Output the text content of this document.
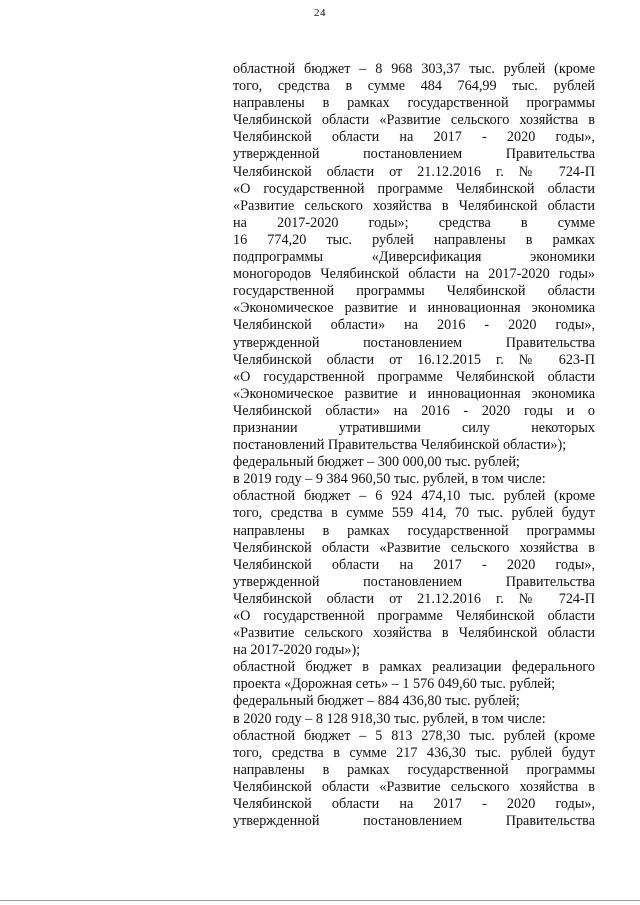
24
областной бюджет – 8 968 303,37 тыс. рублей (кроме
того, средства в сумме 484 764,99 тыс. рублей
направлены в рамках государственной программы
Челябинской области «Развитие сельского хозяйства в
Челябинской области на 2017 - 2020 годы»,
утвержденной постановлением Правительства
Челябинской области от 21.12.2016 г. № 724-П
«О государственной программе Челябинской области
«Развитие сельского хозяйства в Челябинской области
на 2017-2020 годы»; средства в сумме
16 774,20 тыс. рублей направлены в рамках
подпрограммы «Диверсификация экономики
моногородов Челябинской области на 2017-2020 годы»
государственной программы Челябинской области
«Экономическое развитие и инновационная экономика
Челябинской области» на 2016 - 2020 годы»,
утвержденной постановлением Правительства
Челябинской области от 16.12.2015 г. № 623-П
«О государственной программе Челябинской области
«Экономическое развитие и инновационная экономика
Челябинской области» на 2016 - 2020 годы и о
признании утратившими силу некоторых
постановлений Правительства Челябинской области»);
федеральный бюджет – 300 000,00 тыс. рублей;
в 2019 году – 9 384 960,50 тыс. рублей, в том числе:
областной бюджет – 6 924 474,10 тыс. рублей (кроме
того, средства в сумме 559 414, 70 тыс. рублей будут
направлены в рамках государственной программы
Челябинской области «Развитие сельского хозяйства в
Челябинской области на 2017 - 2020 годы»,
утвержденной постановлением Правительства
Челябинской области от 21.12.2016 г. № 724-П
«О государственной программе Челябинской области
«Развитие сельского хозяйства в Челябинской области
на 2017-2020 годы»);
областной бюджет в рамках реализации федерального
проекта «Дорожная сеть» – 1 576 049,60 тыс. рублей;
федеральный бюджет – 884 436,80 тыс. рублей;
в 2020 году – 8 128 918,30 тыс. рублей, в том числе:
областной бюджет – 5 813 278,30 тыс. рублей (кроме
того, средства в сумме 217 436,30 тыс. рублей будут
направлены в рамках государственной программы
Челябинской области «Развитие сельского хозяйства в
Челябинской области на 2017 - 2020 годы»,
утвержденной постановлением Правительства
